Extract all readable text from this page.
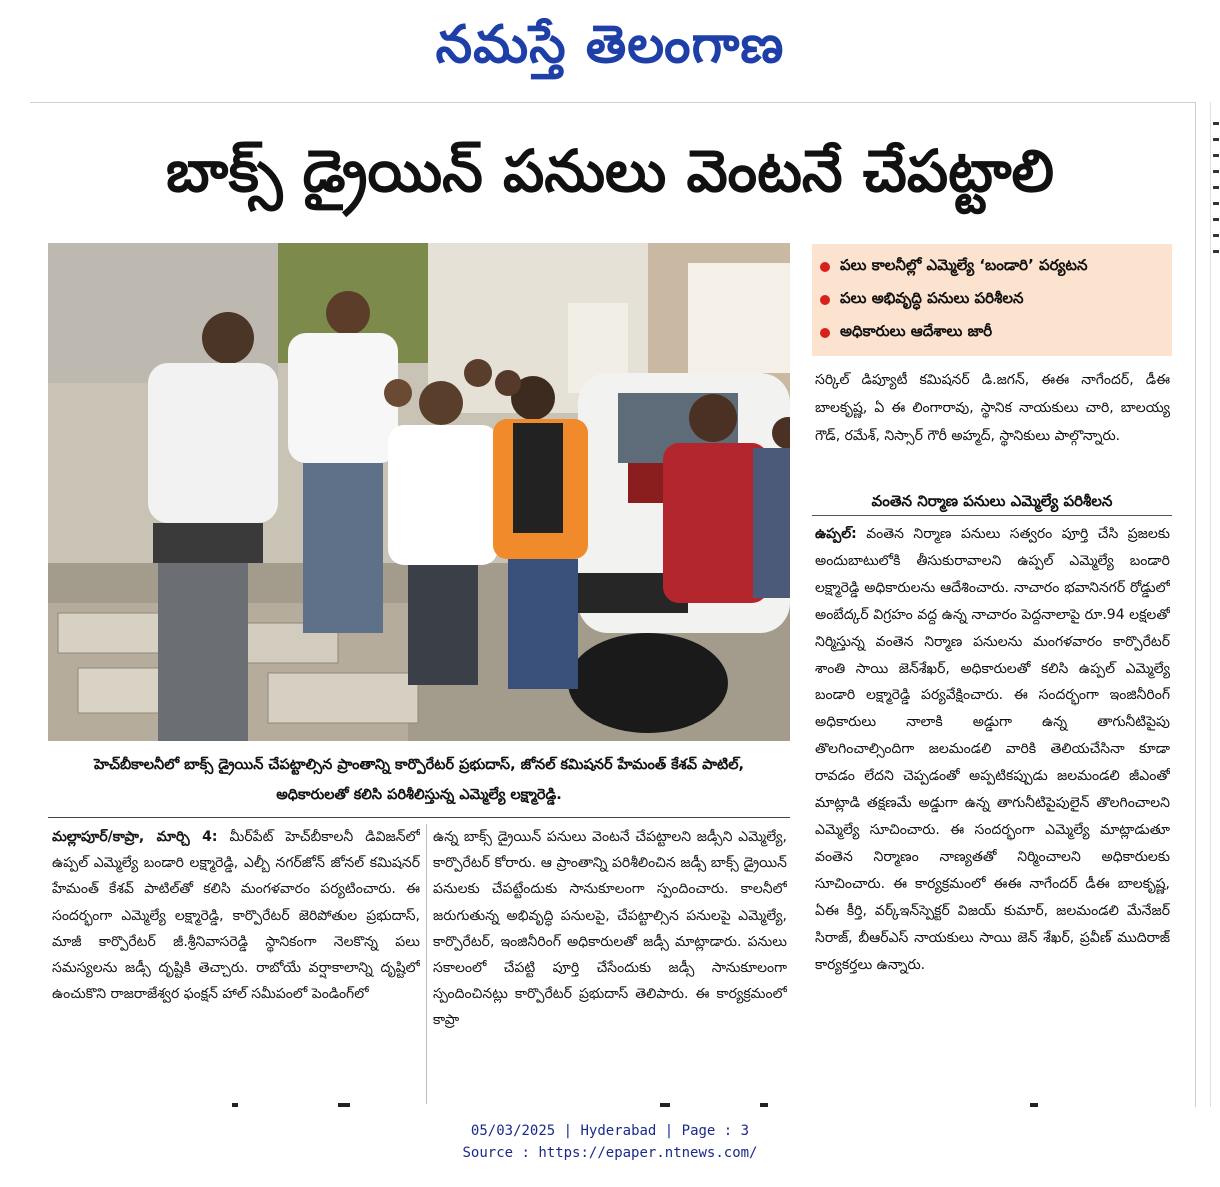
నమస్తే తెలంగాణ
బాక్స్ డ్రైయిన్ పనులు వెంటనే చేపట్టాలి
హెచ్‌బీకాలనీలో బాక్స్ డ్రైయిన్ చేపట్టాల్సిన ప్రాంతాన్ని కార్పొరేటర్ ప్రభుదాస్, జోనల్ కమిషనర్ హేమంత్ కేశవ్ పాటిల్, అధికారులతో కలిసి పరిశీలిస్తున్న ఎమ్మెల్యే లక్ష్మారెడ్డి.
మల్లాపూర్/కాప్రా, మార్చి 4: మీర్‌పేట్ హెచ్‌బీకాలనీ డివిజన్‌లో ఉప్పల్ ఎమ్మెల్యే బండారి లక్ష్మారెడ్డి, ఎల్బీ నగర్‌జోన్ జోనల్ కమిషనర్ హేమంత్ కేశవ్ పాటిల్‌తో కలిసి మంగళవారం పర్యటించారు. ఈ సందర్భంగా ఎమ్మెల్యే లక్ష్మారెడ్డి, కార్పొరేటర్ జెరిపోతుల ప్రభుదాస్, మాజీ కార్పొరేటర్ జీ.శ్రీనివాసరెడ్డి స్థానికంగా నెలకొన్న పలు సమస్యలను జడ్సీ దృష్టికి తెచ్చారు. రాబోయే వర్షాకాలాన్ని దృష్టిలో ఉంచుకొని రాజరాజేశ్వర ఫంక్షన్ హాల్ సమీపంలో పెండింగ్‌లో
ఉన్న బాక్స్ డ్రైయిన్ పనులు వెంటనే చేపట్టాలని జడ్సీని ఎమ్మెల్యే, కార్పొరేటర్ కోరారు. ఆ ప్రాంతాన్ని పరిశీలించిన జడ్సీ బాక్స్ డ్రైయిన్ పనులకు చేపట్టేందుకు సానుకూలంగా స్పందించారు. కాలనీలో జరుగుతున్న అభివృద్ధి పనులపై, చేపట్టాల్సిన పనులపై ఎమ్మెల్యే, కార్పొరేటర్, ఇంజినీరింగ్ అధికారులతో జడ్సీ మాట్లాడారు. పనులు సకాలంలో చేపట్టి పూర్తి చేసేందుకు జడ్సీ సానుకూలంగా స్పందించినట్లు కార్పొరేటర్ ప్రభుదాస్ తెలిపారు. ఈ కార్యక్రమంలో కాప్రా
పలు కాలనీల్లో ఎమ్మెల్యే ‘బండారి’ పర్యటన
పలు అభివృద్ధి పనులు పరిశీలన
అధికారులు ఆదేశాలు జారీ
సర్కిల్ డిప్యూటీ కమిషనర్ డి.జగన్, ఈఈ నాగేందర్, డీఈ బాలకృష్ణ, ఏ ఈ లింగారావు, స్థానిక నాయకులు చారి, బాలయ్య గౌడ్, రమేశ్, నిస్సార్ గౌరీ అహ్మద్, స్థానికులు పాల్గొన్నారు.
వంతెన నిర్మాణ పనులు ఎమ్మెల్యే పరిశీలన
ఉప్పల్: వంతెన నిర్మాణ పనులు సత్వరం పూర్తి చేసి ప్రజలకు అందుబాటులోకి తీసుకురావాలని ఉప్పల్ ఎమ్మెల్యే బండారి లక్ష్మారెడ్డి అధికారులను ఆదేశించారు. నాచారం భవానినగర్ రోడ్డులో అంబేద్కర్ విగ్రహం వద్ద ఉన్న నాచారం పెద్దనాలాపై రూ.94 లక్షలతో నిర్మిస్తున్న వంతెన నిర్మాణ పనులను మంగళవారం కార్పొరేటర్ శాంతి సాయి జెన్‌శేఖర్, అధికారులతో కలిసి ఉప్పల్ ఎమ్మెల్యే బండారి లక్ష్మారెడ్డి పర్యవేక్షించారు. ఈ సందర్భంగా ఇంజినీరింగ్ అధికారులు నాలాకి అడ్డుగా ఉన్న తాగునీటిపైపు తొలగించాల్సిందిగా జలమండలి వారికి తెలియచేసినా కూడా రావడం లేదని చెప్పడంతో అప్పటికప్పుడు జలమండలి జీఎంతో మాట్లాడి తక్షణమే అడ్డుగా ఉన్న తాగునీటిపైపులైన్ తొలగించాలని ఎమ్మెల్యే సూచించారు. ఈ సందర్భంగా ఎమ్మెల్యే మాట్లాడుతూ వంతెన నిర్మాణం నాణ్యతతో నిర్మించాలని అధికారులకు సూచించారు. ఈ కార్యక్రమంలో ఈఈ నాగేందర్ డీఈ బాలకృష్ణ, ఏఈ కీర్తి, వర్క్ఇన్‌స్పెక్టర్ విజయ్ కుమార్, జలమండలి మేనేజర్ సిరాజ్, బీఆర్ఎస్ నాయకులు సాయి జెన్ శేఖర్, ప్రవీణ్ ముదిరాజ్ కార్యకర్తలు ఉన్నారు.
05/03/2025 | Hyderabad | Page : 3
Source : https://epaper.ntnews.com/
